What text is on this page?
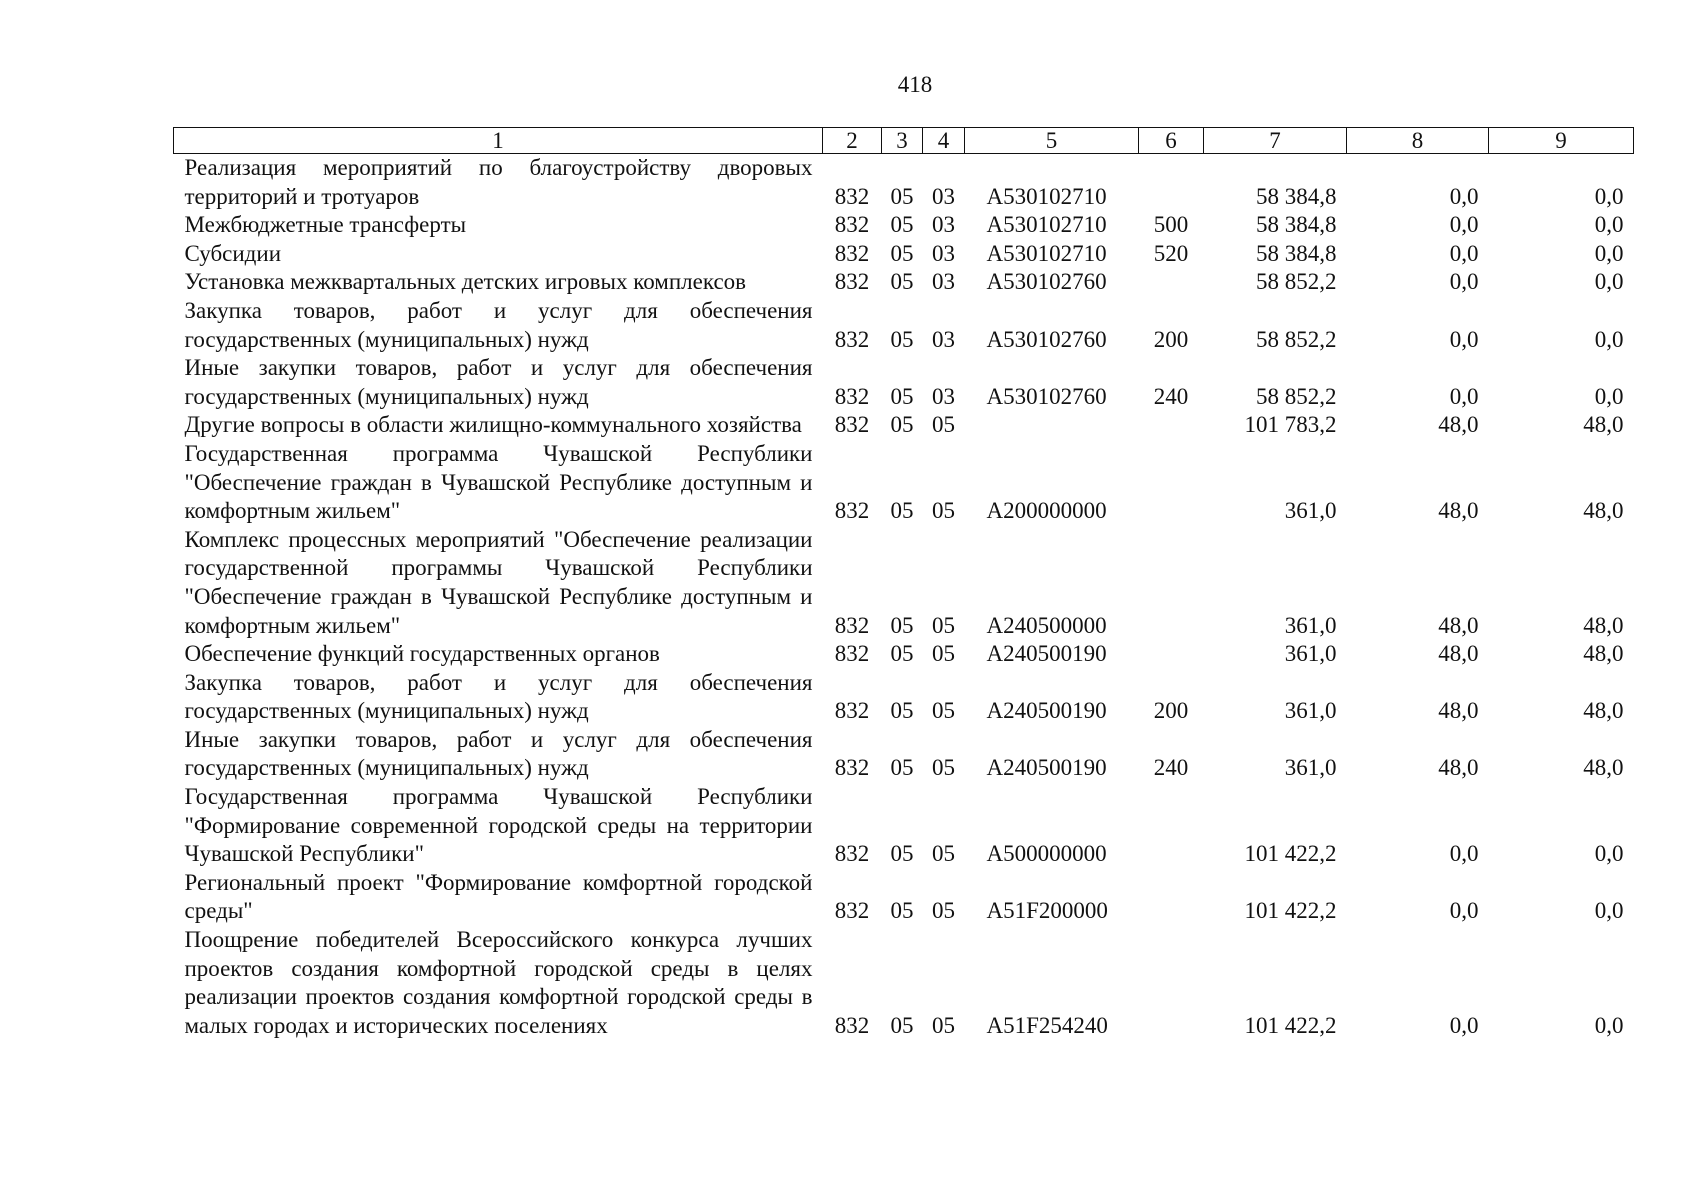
418
1	2	3	4	5	6	7	8	9
Реализация мероприятий по благоустройству дворовых территорий и тротуаров	832	05	03	A530102710		58 384,8	0,0	0,0
Межбюджетные трансферты	832	05	03	A530102710	500	58 384,8	0,0	0,0
Субсидии	832	05	03	A530102710	520	58 384,8	0,0	0,0
Установка межквартальных детских игровых комплексов	832	05	03	A530102760		58 852,2	0,0	0,0
Закупка товаров, работ и услуг для обеспечения государственных (муниципальных) нужд	832	05	03	A530102760	200	58 852,2	0,0	0,0
Иные закупки товаров, работ и услуг для обеспечения государственных (муниципальных) нужд	832	05	03	A530102760	240	58 852,2	0,0	0,0
Другие вопросы в области жилищно-коммунального хозяйства	832	05	05			101 783,2	48,0	48,0
Государственная программа Чувашской Республики "Обеспечение граждан в Чувашской Республике доступным и комфортным жильем"	832	05	05	A200000000		361,0	48,0	48,0
Комплекс процессных мероприятий "Обеспечение реализации государственной программы Чувашской Республики "Обеспечение граждан в Чувашской Республике доступным и комфортным жильем"	832	05	05	A240500000		361,0	48,0	48,0
Обеспечение функций государственных органов	832	05	05	A240500190		361,0	48,0	48,0
Закупка товаров, работ и услуг для обеспечения государственных (муниципальных) нужд	832	05	05	A240500190	200	361,0	48,0	48,0
Иные закупки товаров, работ и услуг для обеспечения государственных (муниципальных) нужд	832	05	05	A240500190	240	361,0	48,0	48,0
Государственная программа Чувашской Республики "Формирование современной городской среды на территории Чувашской Республики"	832	05	05	A500000000		101 422,2	0,0	0,0
Региональный проект "Формирование комфортной городской среды"	832	05	05	A51F200000		101 422,2	0,0	0,0
Поощрение победителей Всероссийского конкурса лучших проектов создания комфортной городской среды в целях реализации проектов создания комфортной городской среды в малых городах и исторических поселениях	832	05	05	A51F254240		101 422,2	0,0	0,0
